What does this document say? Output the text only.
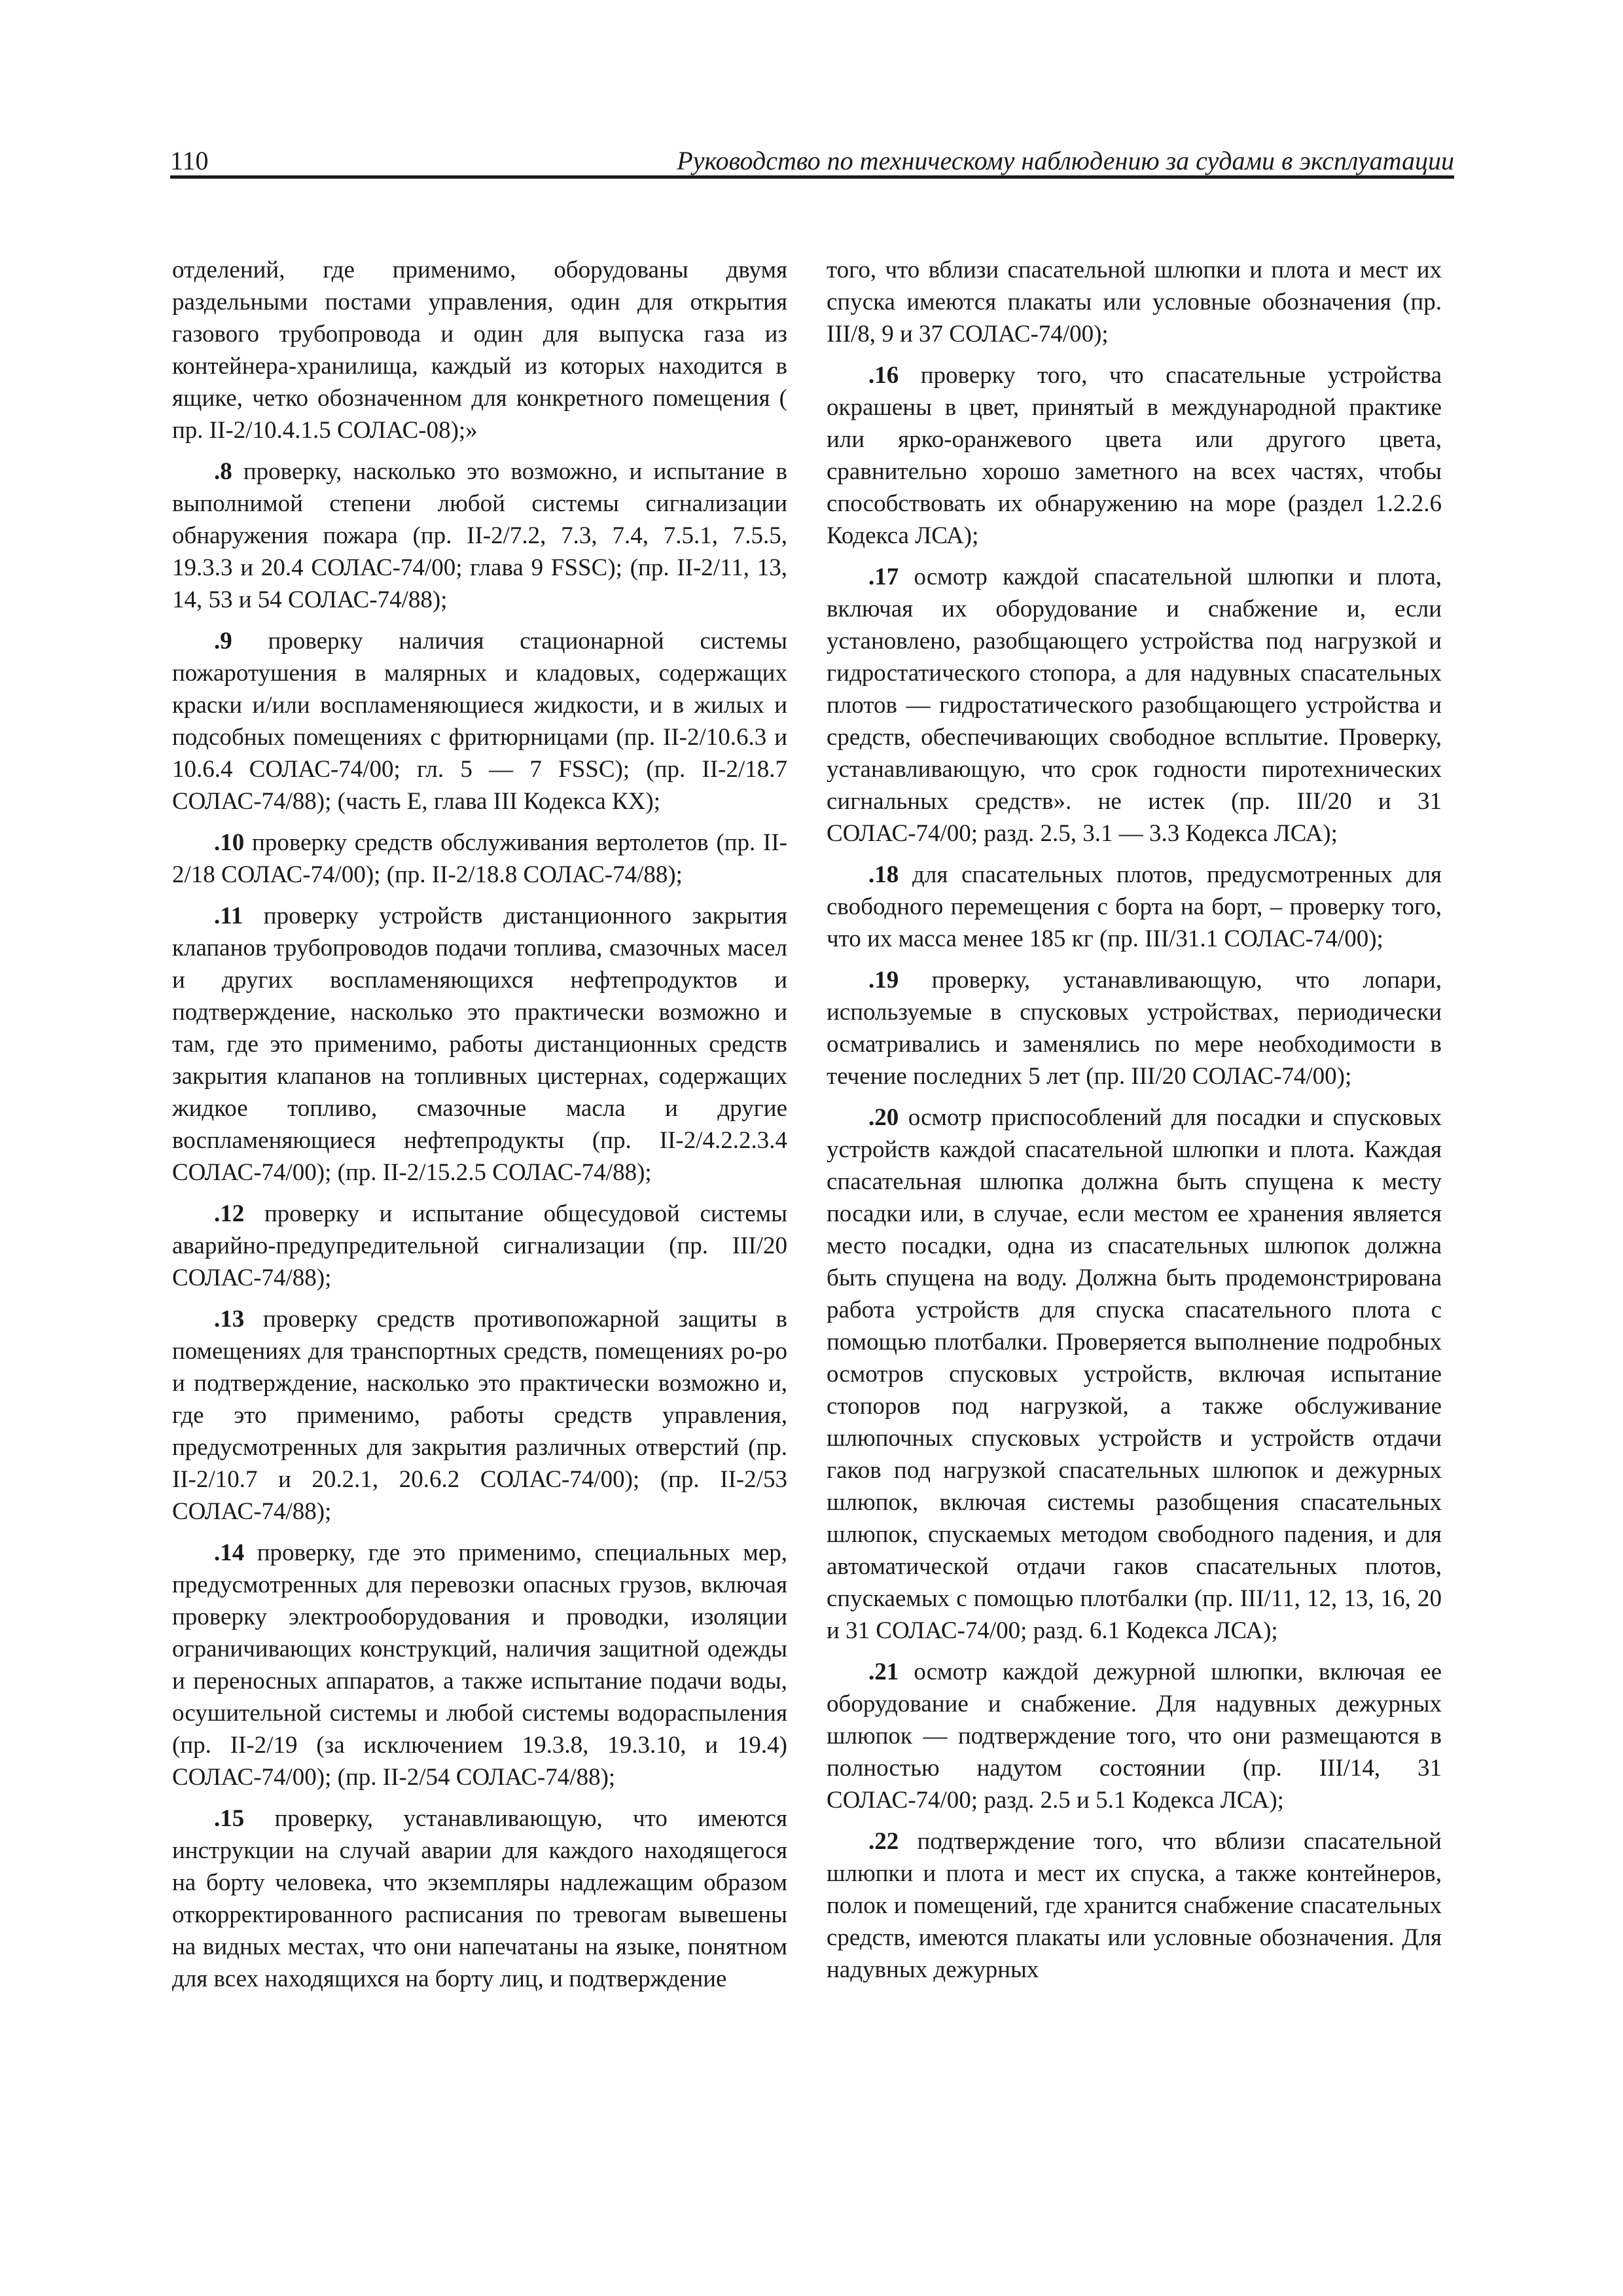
110	Руководство по техническому наблюдению за судами в эксплуатации

отделений, где применимо, оборудованы двумя раздельными постами управления, один для открытия газового трубопровода и один для выпуска газа из контейнера-хранилища, каждый из которых находится в ящике, четко обозначенном для конкретного помещения ( пр. II-2/10.4.1.5 СОЛАС-08);»

.8 проверку, насколько это возможно, и испытание в выполнимой степени любой системы сигнализации обнаружения пожара (пр. II-2/7.2, 7.3, 7.4, 7.5.1, 7.5.5, 19.3.3 и 20.4 СОЛАС-74/00; глава 9 FSSC); (пр. II-2/11, 13, 14, 53 и 54 СОЛАС-74/88);

.9 проверку наличия стационарной системы пожаротушения в малярных и кладовых, содержащих краски и/или воспламеняющиеся жидкости, и в жилых и подсобных помещениях с фритюрницами (пр. II-2/10.6.3 и 10.6.4 СОЛАС-74/00; гл. 5 — 7 FSSC); (пр. II-2/18.7 СОЛАС-74/88); (часть Е, глава III Кодекса КХ);

.10 проверку средств обслуживания вертолетов (пр. II-2/18 СОЛАС-74/00); (пр. II-2/18.8 СОЛАС-74/88);

.11 проверку устройств дистанционного закрытия клапанов трубопроводов подачи топлива, смазочных масел и других воспламеняющихся нефтепродуктов и подтверждение, насколько это практически возможно и там, где это применимо, работы дистанционных средств закрытия клапанов на топливных цистернах, содержащих жидкое топливо, смазочные масла и другие воспламеняющиеся нефтепродукты (пр. II-2/4.2.2.3.4 СОЛАС-74/00); (пр. II-2/15.2.5 СОЛАС-74/88);

.12 проверку и испытание общесудовой системы аварийно-предупредительной сигнализации (пр. III/20 СОЛАС-74/88);

.13 проверку средств противопожарной защиты в помещениях для транспортных средств, помещениях ро-ро и подтверждение, насколько это практически возможно и, где это применимо, работы средств управления, предусмотренных для закрытия различных отверстий (пр. II-2/10.7 и 20.2.1, 20.6.2 СОЛАС-74/00); (пр. II-2/53 СОЛАС-74/88);

.14 проверку, где это применимо, специальных мер, предусмотренных для перевозки опасных грузов, включая проверку электрооборудования и проводки, изоляции ограничивающих конструкций, наличия защитной одежды и переносных аппаратов, а также испытание подачи воды, осушительной системы и любой системы водораспыления (пр. II-2/19 (за исключением 19.3.8, 19.3.10, и 19.4) СОЛАС-74/00); (пр. II-2/54 СОЛАС-74/88);

.15 проверку, устанавливающую, что имеются инструкции на случай аварии для каждого находящегося на борту человека, что экземпляры надлежащим образом откорректированного расписания по тревогам вывешены на видных местах, что они напечатаны на языке, понятном для всех находящихся на борту лиц, и подтверждение

того, что вблизи спасательной шлюпки и плота и мест их спуска имеются плакаты или условные обозначения (пр. III/8, 9 и 37 СОЛАС-74/00);

.16 проверку того, что спасательные устройства окрашены в цвет, принятый в международной практике или ярко-оранжевого цвета или другого цвета, сравнительно хорошо заметного на всех частях, чтобы способствовать их обнаружению на море (раздел 1.2.2.6 Кодекса ЛСА);

.17 осмотр каждой спасательной шлюпки и плота, включая их оборудование и снабжение и, если установлено, разобщающего устройства под нагрузкой и гидростатического стопора, а для надувных спасательных плотов — гидростатического разобщающего устройства и средств, обеспечивающих свободное всплытие. Проверку, устанавливающую, что срок годности пиротехнических сигнальных средств». не истек (пр. III/20 и 31 СОЛАС-74/00; разд. 2.5, 3.1 — 3.3 Кодекса ЛСА);

.18 для спасательных плотов, предусмотренных для свободного перемещения с борта на борт, – проверку того, что их масса менее 185 кг (пр. III/31.1 СОЛАС-74/00);

.19 проверку, устанавливающую, что лопари, используемые в спусковых устройствах, периодически осматривались и заменялись по мере необходимости в течение последних 5 лет (пр. III/20 СОЛАС-74/00);

.20 осмотр приспособлений для посадки и спусковых устройств каждой спасательной шлюпки и плота. Каждая спасательная шлюпка должна быть спущена к месту посадки или, в случае, если местом ее хранения является место посадки, одна из спасательных шлюпок должна быть спущена на воду. Должна быть продемонстрирована работа устройств для спуска спасательного плота с помощью плотбалки. Проверяется выполнение подробных осмотров спусковых устройств, включая испытание стопоров под нагрузкой, а также обслуживание шлюпочных спусковых устройств и устройств отдачи гаков под нагрузкой спасательных шлюпок и дежурных шлюпок, включая системы разобщения спасательных шлюпок, спускаемых методом свободного падения, и для автоматической отдачи гаков спасательных плотов, спускаемых с помощью плотбалки (пр. III/11, 12, 13, 16, 20 и 31 СОЛАС-74/00; разд. 6.1 Кодекса ЛСА);

.21 осмотр каждой дежурной шлюпки, включая ее оборудование и снабжение. Для надувных дежурных шлюпок — подтверждение того, что они размещаются в полностью надутом состоянии (пр. III/14, 31 СОЛАС-74/00; разд. 2.5 и 5.1 Кодекса ЛСА);

.22 подтверждение того, что вблизи спасательной шлюпки и плота и мест их спуска, а также контейнеров, полок и помещений, где хранится снабжение спасательных средств, имеются плакаты или условные обозначения. Для надувных дежурных
